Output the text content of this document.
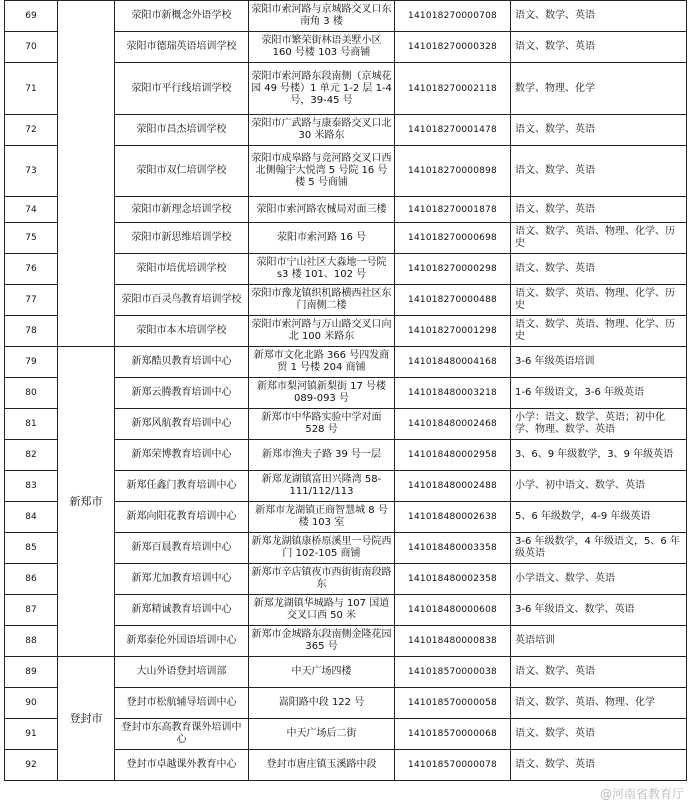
69		荥阳市新概念外语学校	荥阳市索河路与京城路交叉口东南角 3 楼	141018270000708	语文、数学、英语
70		荥阳市德瑞英语培训学校	荥阳市繁荣街林语美墅小区 160 号楼 103 号商铺	141018270000328	语文、数学、英语
71		荥阳市平行线培训学校	荥阳市索河路东段南侧（京城花园 49 号楼）1 单元 1-2 层 1-4 号，39-45 号	141018270002118	数学、物理、化学
72		荥阳市昌杰培训学校	荥阳市广武路与康泰路交叉口北 30 米路东	141018270001478	语文、数学、英语
73		荥阳市双仁培训学校	荥阳市成皋路与竞河路交叉口西北侧翰宇大悦湾 5 号院 16 号楼 5 号商铺	141018270000898	语文、数学、英语
74		荥阳市新理念培训学校	荥阳市索河路农械局对面三楼	141018270001878	语文、数学、英语
75		荥阳市新思维培训学校	荥阳市索河路 16 号	141018270000698	语文、数学、英语、物理、化学、历史
76		荥阳市培优培训学校	荥阳市宁山社区大淼地一号院 s3 楼 101、102 号	141018270000298	语文、数学、英语
77		荥阳市百灵鸟教育培训学校	荥阳市豫龙镇织机路横西社区东门南侧二楼	141018270000488	语文、数学、英语、物理、化学、历史
78		荥阳市本木培训学校	荥阳市索河路与万山路交叉口向北 100 米路东	141018270001298	语文、数学、英语、物理、化学、历史
79	新郑市	新郑酷贝教育培训中心	新郑市文化北路 366 号四发商贸 1 号楼 204 商铺	141018480004168	3-6 年级英语培训
80		新郑云腾教育培训中心	新郑市梨河镇新梨街 17 号楼 089-093 号	141018480003218	1-6 年级语文，3-6 年级英语
81		新郑风航教育培训中心	新郑市中华路实验中学对面 528 号	141018480002468	小学：语文、数学、英语；初中化学、物理、数学、英语
82		新郑荣博教育培训中心	新郑市渔夫子路 39 号一层	141018480002958	3、6、9 年级数学，3、9 年级英语
83		新郑任鑫门教育培训中心	新郑龙湖镇富田兴隆湾 58-111/112/113	141018480002488	小学、初中语文、数学、英语
84		新郑向阳花教育培训中心	新郑市龙湖镇正商智慧城 8 号楼 103 室	141018480002638	5、6 年级数学，4-9 年级英语
85		新郑百晨教育培训中心	新郑龙湖镇康桥原溪里一号院西门 102-105 商铺	141018480003358	3-6 年级数学，4 年级语文，5、6 年级英语
86		新郑尤加教育培训中心	新郑市辛店镇夜市西街街南段路东	141018480002358	小学语文、数学、英语
87		新郑精诚教育培训中心	新郑龙湖镇华城路与 107 国道交叉口西 50 米	141018480000608	3-6 年级语文、数学、英语
88		新郑泰伦外国语培训中心	新郑市金城路东段南侧金隆花园 365 号	141018480000838	英语培训
89	登封市	大山外语登封培训部	中天广场四楼	141018570000038	语文、数学、英语
90		登封市松航辅导培训中心	嵩阳路中段 122 号	141018570000058	语文、数学、英语、物理、化学
91		登封市东高教育课外培训中心	中天广场后二街	141018570000068	语文、数学、英语
92		登封市卓越课外教育中心	登封市唐庄镇玉溪路中段	141018570000078	语文、数学、英语
@河南省教育厅
